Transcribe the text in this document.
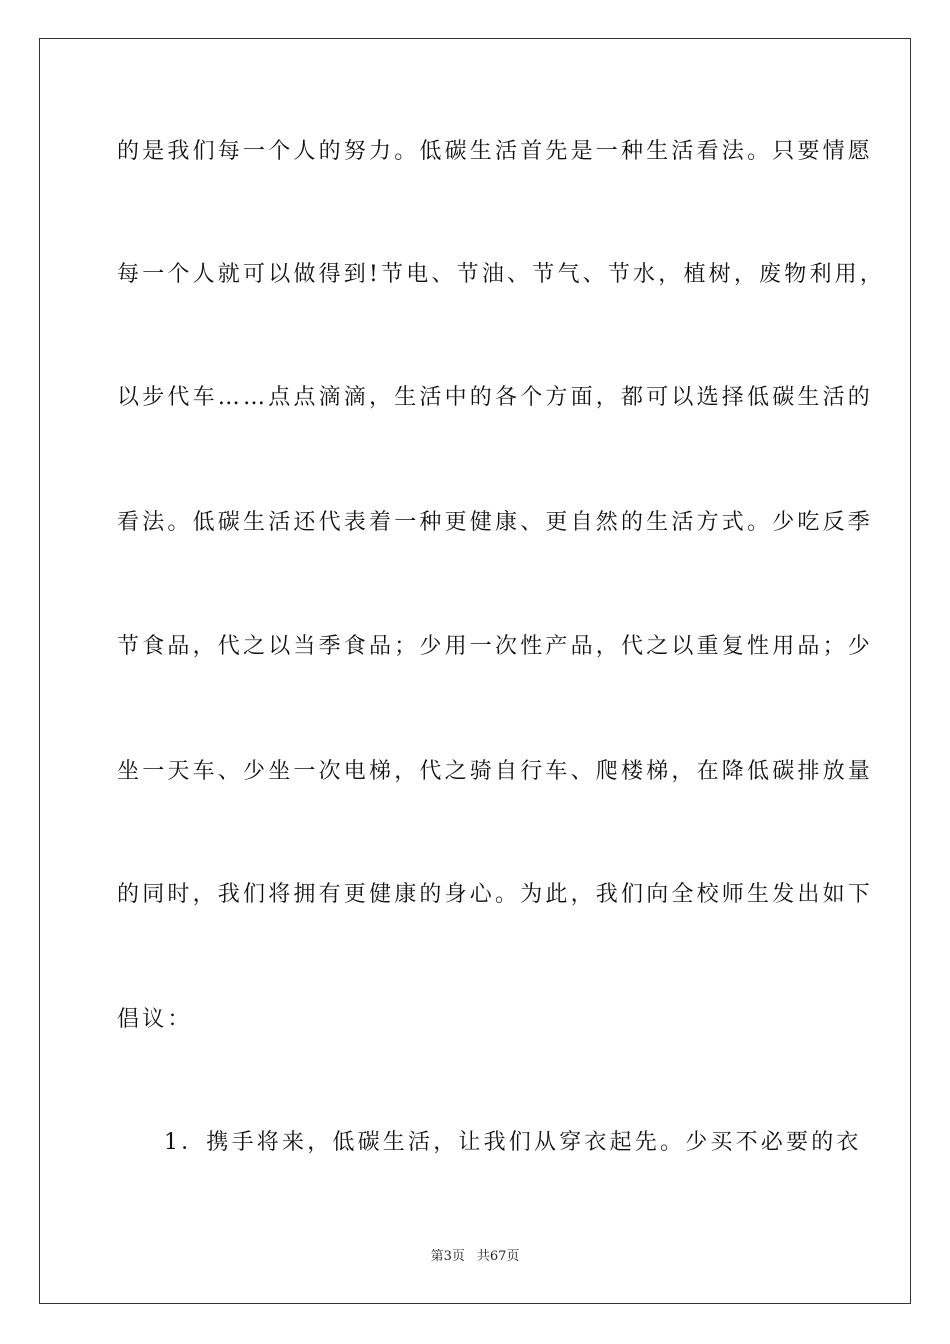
的是我们每一个人的努力。低碳生活首先是一种生活看法。只要情愿
每一个人就可以做得到!节电、节油、节气、节水，植树，废物利用，
以步代车……点点滴滴，生活中的各个方面，都可以选择低碳生活的
看法。低碳生活还代表着一种更健康、更自然的生活方式。少吃反季
节食品，代之以当季食品；少用一次性产品，代之以重复性用品；少
坐一天车、少坐一次电梯，代之骑自行车、爬楼梯，在降低碳排放量
的同时，我们将拥有更健康的身心。为此，我们向全校师生发出如下
倡议：
1．携手将来，低碳生活，让我们从穿衣起先。少买不必要的衣
第3页 共67页
